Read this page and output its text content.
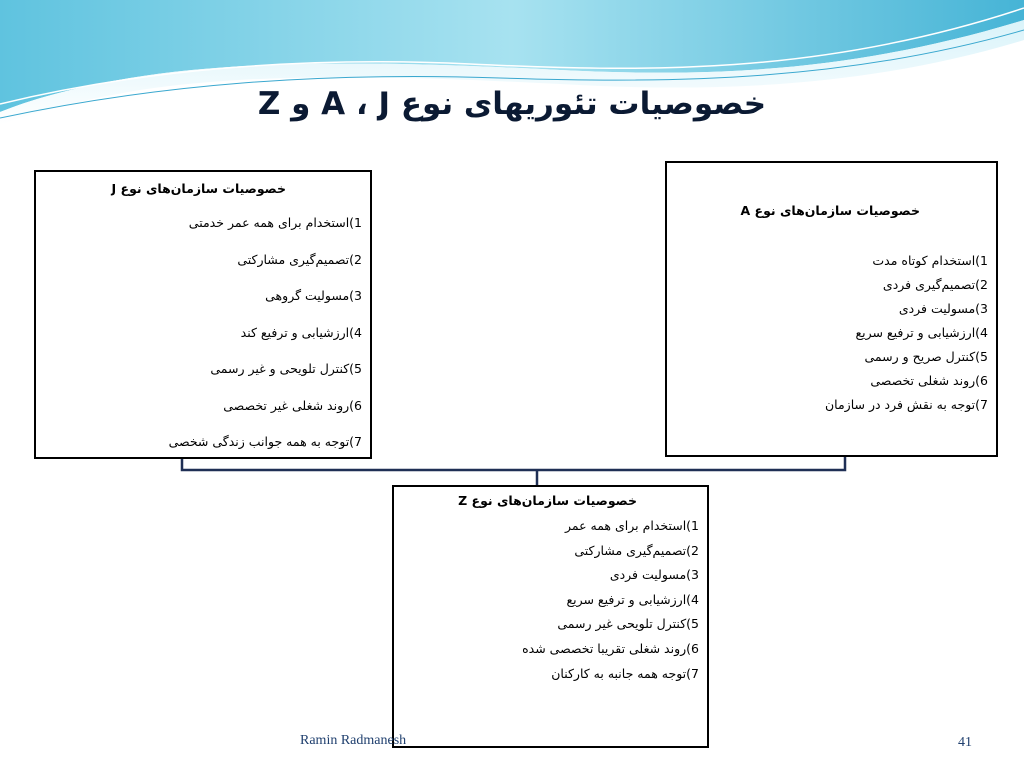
خصوصیات تئوریهای نوع A ، J و Z
خصوصیات سازمان‌های نوع J
1)استخدام برای همه عمر خدمتی
2)تصمیم‌گیری مشارکتی
3)مسولیت گروهی
4)ارزشیابی و ترفیع کند
5)کنترل تلویحی و غیر رسمی
6)روند شغلی غیر تخصصی
7)توجه به همه جوانب زندگی شخصی
خصوصیات سازمان‌های نوع A
1)استخدام کوتاه مدت
2)تصمیم‌گیری فردی
3)مسولیت فردی
4)ارزشیابی و ترفیع سریع
5)کنترل صریح و رسمی
6)روند شغلی تخصصی
7)توجه به نقش فرد در سازمان
خصوصیات سازمان‌های نوع Z
1)استخدام برای همه عمر
2)تصمیم‌گیری مشارکتی
3)مسولیت فردی
4)ارزشیابی و ترفیع سریع
5)کنترل تلویحی غیر رسمی
6)روند شغلی تقریبا تخصصی شده
7)توجه همه جانبه به کارکنان
Ramin Radmanesh	41
